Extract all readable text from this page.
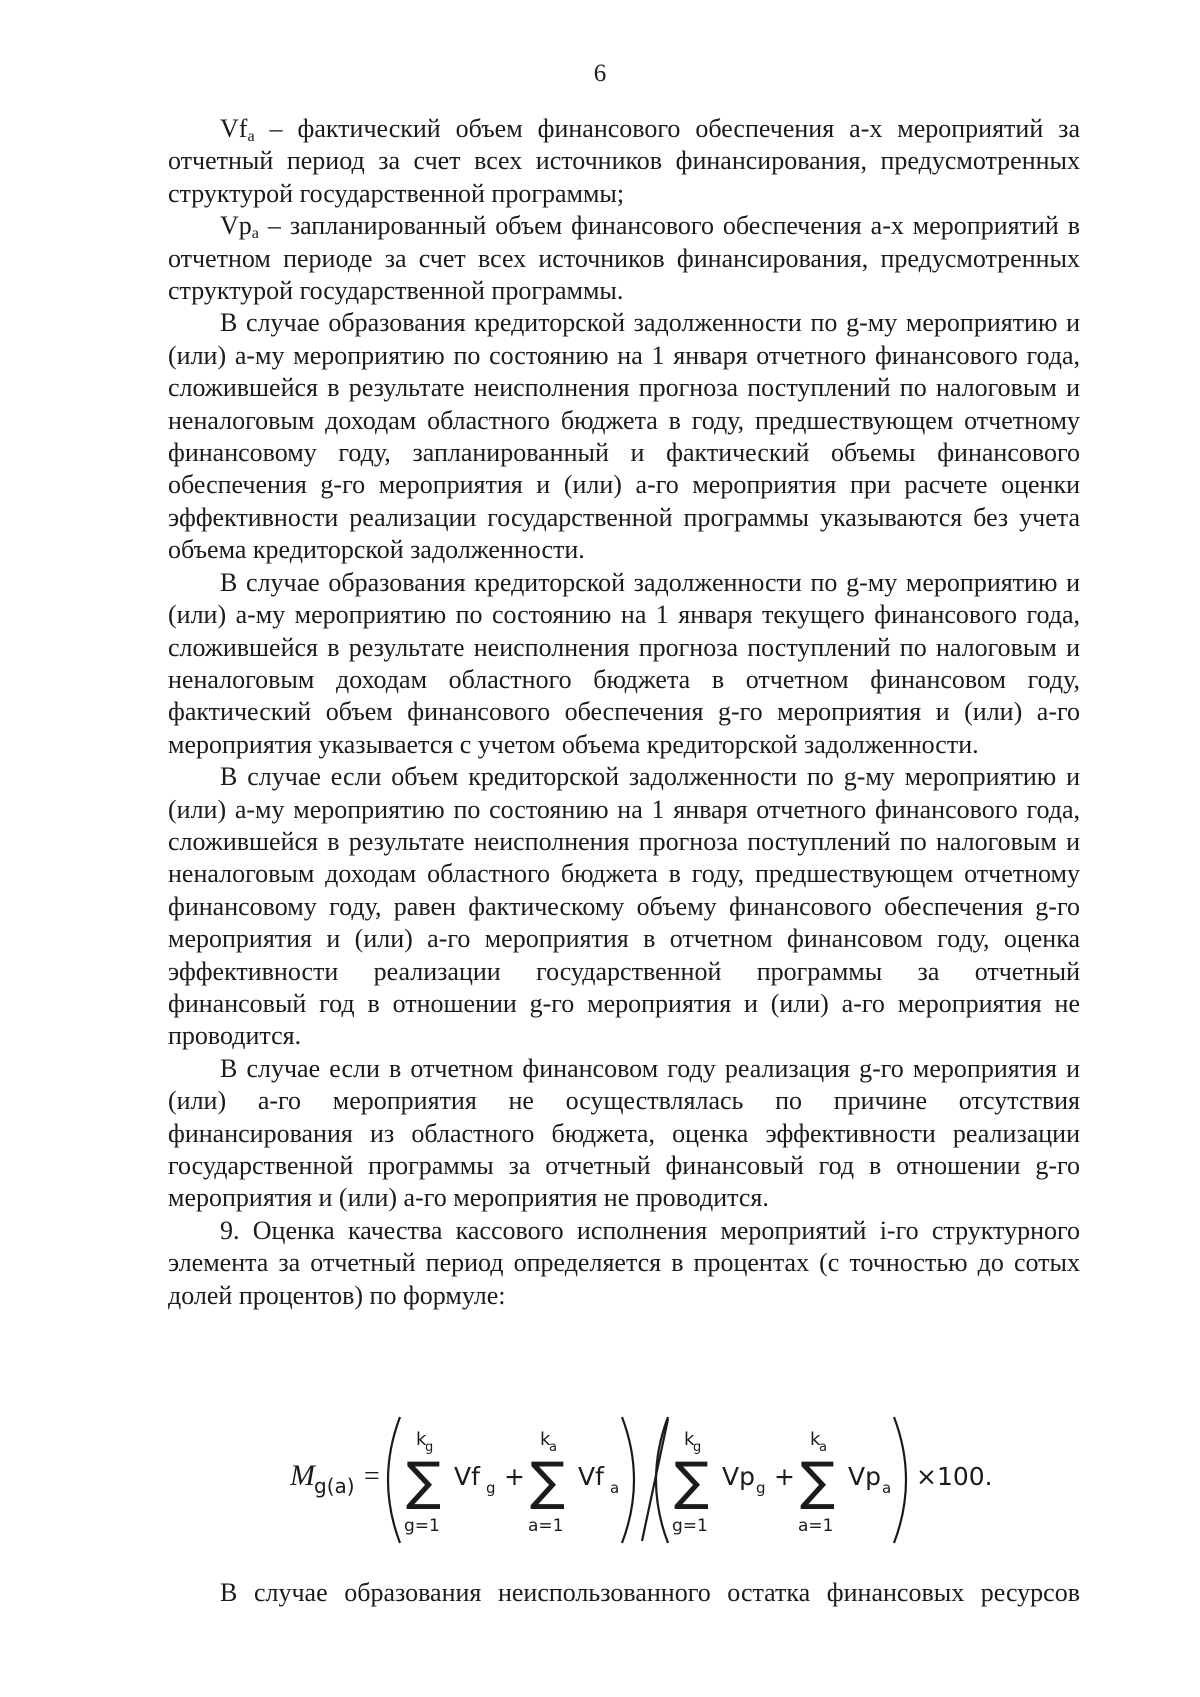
6

$Vf_a$ – фактический объем финансового обеспечения а-х мероприятий за отчетный период за счет всех источников финансирования, предусмотренных структурой государственной программы;

$Vp_a$ – запланированный объем финансового обеспечения а-х мероприятий в отчетном периоде за счет всех источников финансирования, предусмотренных структурой государственной программы.

В случае образования кредиторской задолженности по g-му мероприятию и (или) а-му мероприятию по состоянию на 1 января отчетного финансового года, сложившейся в результате неисполнения прогноза поступлений по налоговым и неналоговым доходам областного бюджета в году, предшествующем отчетному финансовому году, запланированный и фактический объемы финансового обеспечения g-го мероприятия и (или) а-го мероприятия при расчете оценки эффективности реализации государственной программы указываются без учета объема кредиторской задолженности.

В случае образования кредиторской задолженности по g-му мероприятию и (или) а-му мероприятию по состоянию на 1 января текущего финансового года, сложившейся в результате неисполнения прогноза поступлений по налоговым и неналоговым доходам областного бюджета в отчетном финансовом году, фактический объем финансового обеспечения g-го мероприятия и (или) а-го мероприятия указывается с учетом объема кредиторской задолженности.

В случае если объем кредиторской задолженности по g-му мероприятию и (или) а-му мероприятию по состоянию на 1 января отчетного финансового года, сложившейся в результате неисполнения прогноза поступлений по налоговым и неналоговым доходам областного бюджета в году, предшествующем отчетному финансовому году, равен фактическому объему финансового обеспечения g-го мероприятия и (или) а-го мероприятия в отчетном финансовом году, оценка эффективности реализации государственной программы за отчетный финансовый год в отношении g-го мероприятия и (или) а-го мероприятия не проводится.

В случае если в отчетном финансовом году реализация g-го мероприятия и (или) а-го мероприятия не осуществлялась по причине отсутствия финансирования из областного бюджета, оценка эффективности реализации государственной программы за отчетный финансовый год в отношении g-го мероприятия и (или) а-го мероприятия не проводится.

9. Оценка качества кассового исполнения мероприятий i-го структурного элемента за отчетный период определяется в процентах (с точностью до сотых долей процентов) по формуле:

M g(a) =
k
g
∑
g=1
Vf g +
k
a
∑
a=1
Vf a
k
g
∑
g=1
Vp g +
k
a
∑
a=1
Vp a ×100.

В случае образования неиспользованного остатка финансовых ресурсов
